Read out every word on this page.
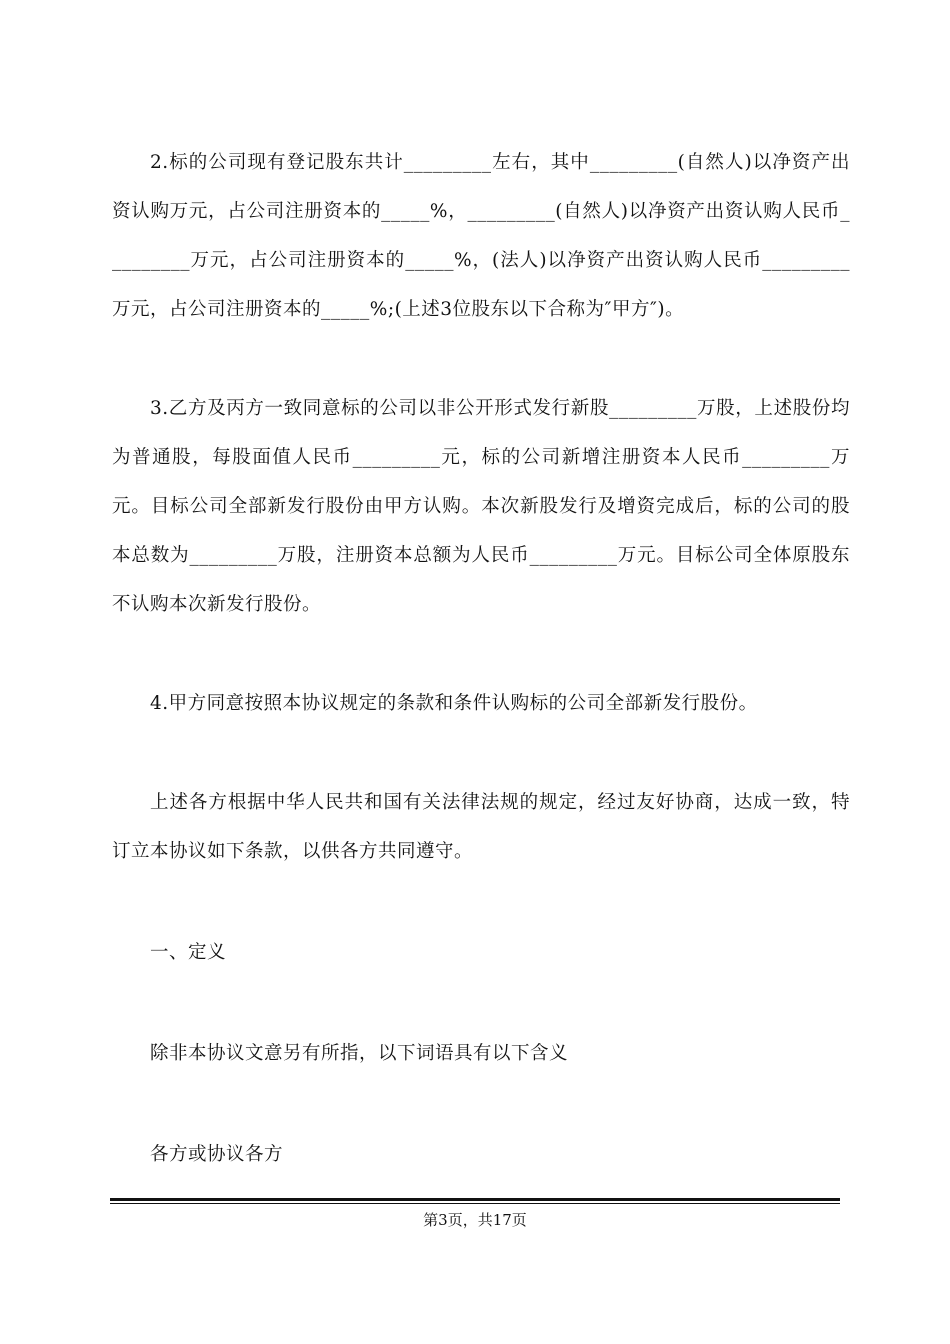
2.标的公司现有登记股东共计_________左右，其中_________(自然人)以净资产出资认购万元，占公司注册资本的_____%，_________(自然人)以净资产出资认购人民币_________万元，占公司注册资本的_____%，(法人)以净资产出资认购人民币_________万元，占公司注册资本的_____%;(上述3位股东以下合称为″甲方″)。

3.乙方及丙方一致同意标的公司以非公开形式发行新股_________万股，上述股份均为普通股，每股面值人民币_________元，标的公司新增注册资本人民币_________万元。目标公司全部新发行股份由甲方认购。本次新股发行及增资完成后，标的公司的股本总数为_________万股，注册资本总额为人民币_________万元。目标公司全体原股东不认购本次新发行股份。

4.甲方同意按照本协议规定的条款和条件认购标的公司全部新发行股份。

上述各方根据中华人民共和国有关法律法规的规定，经过友好协商，达成一致，特订立本协议如下条款，以供各方共同遵守。

一、定义

除非本协议文意另有所指，以下词语具有以下含义

各方或协议各方

第3页，共17页
